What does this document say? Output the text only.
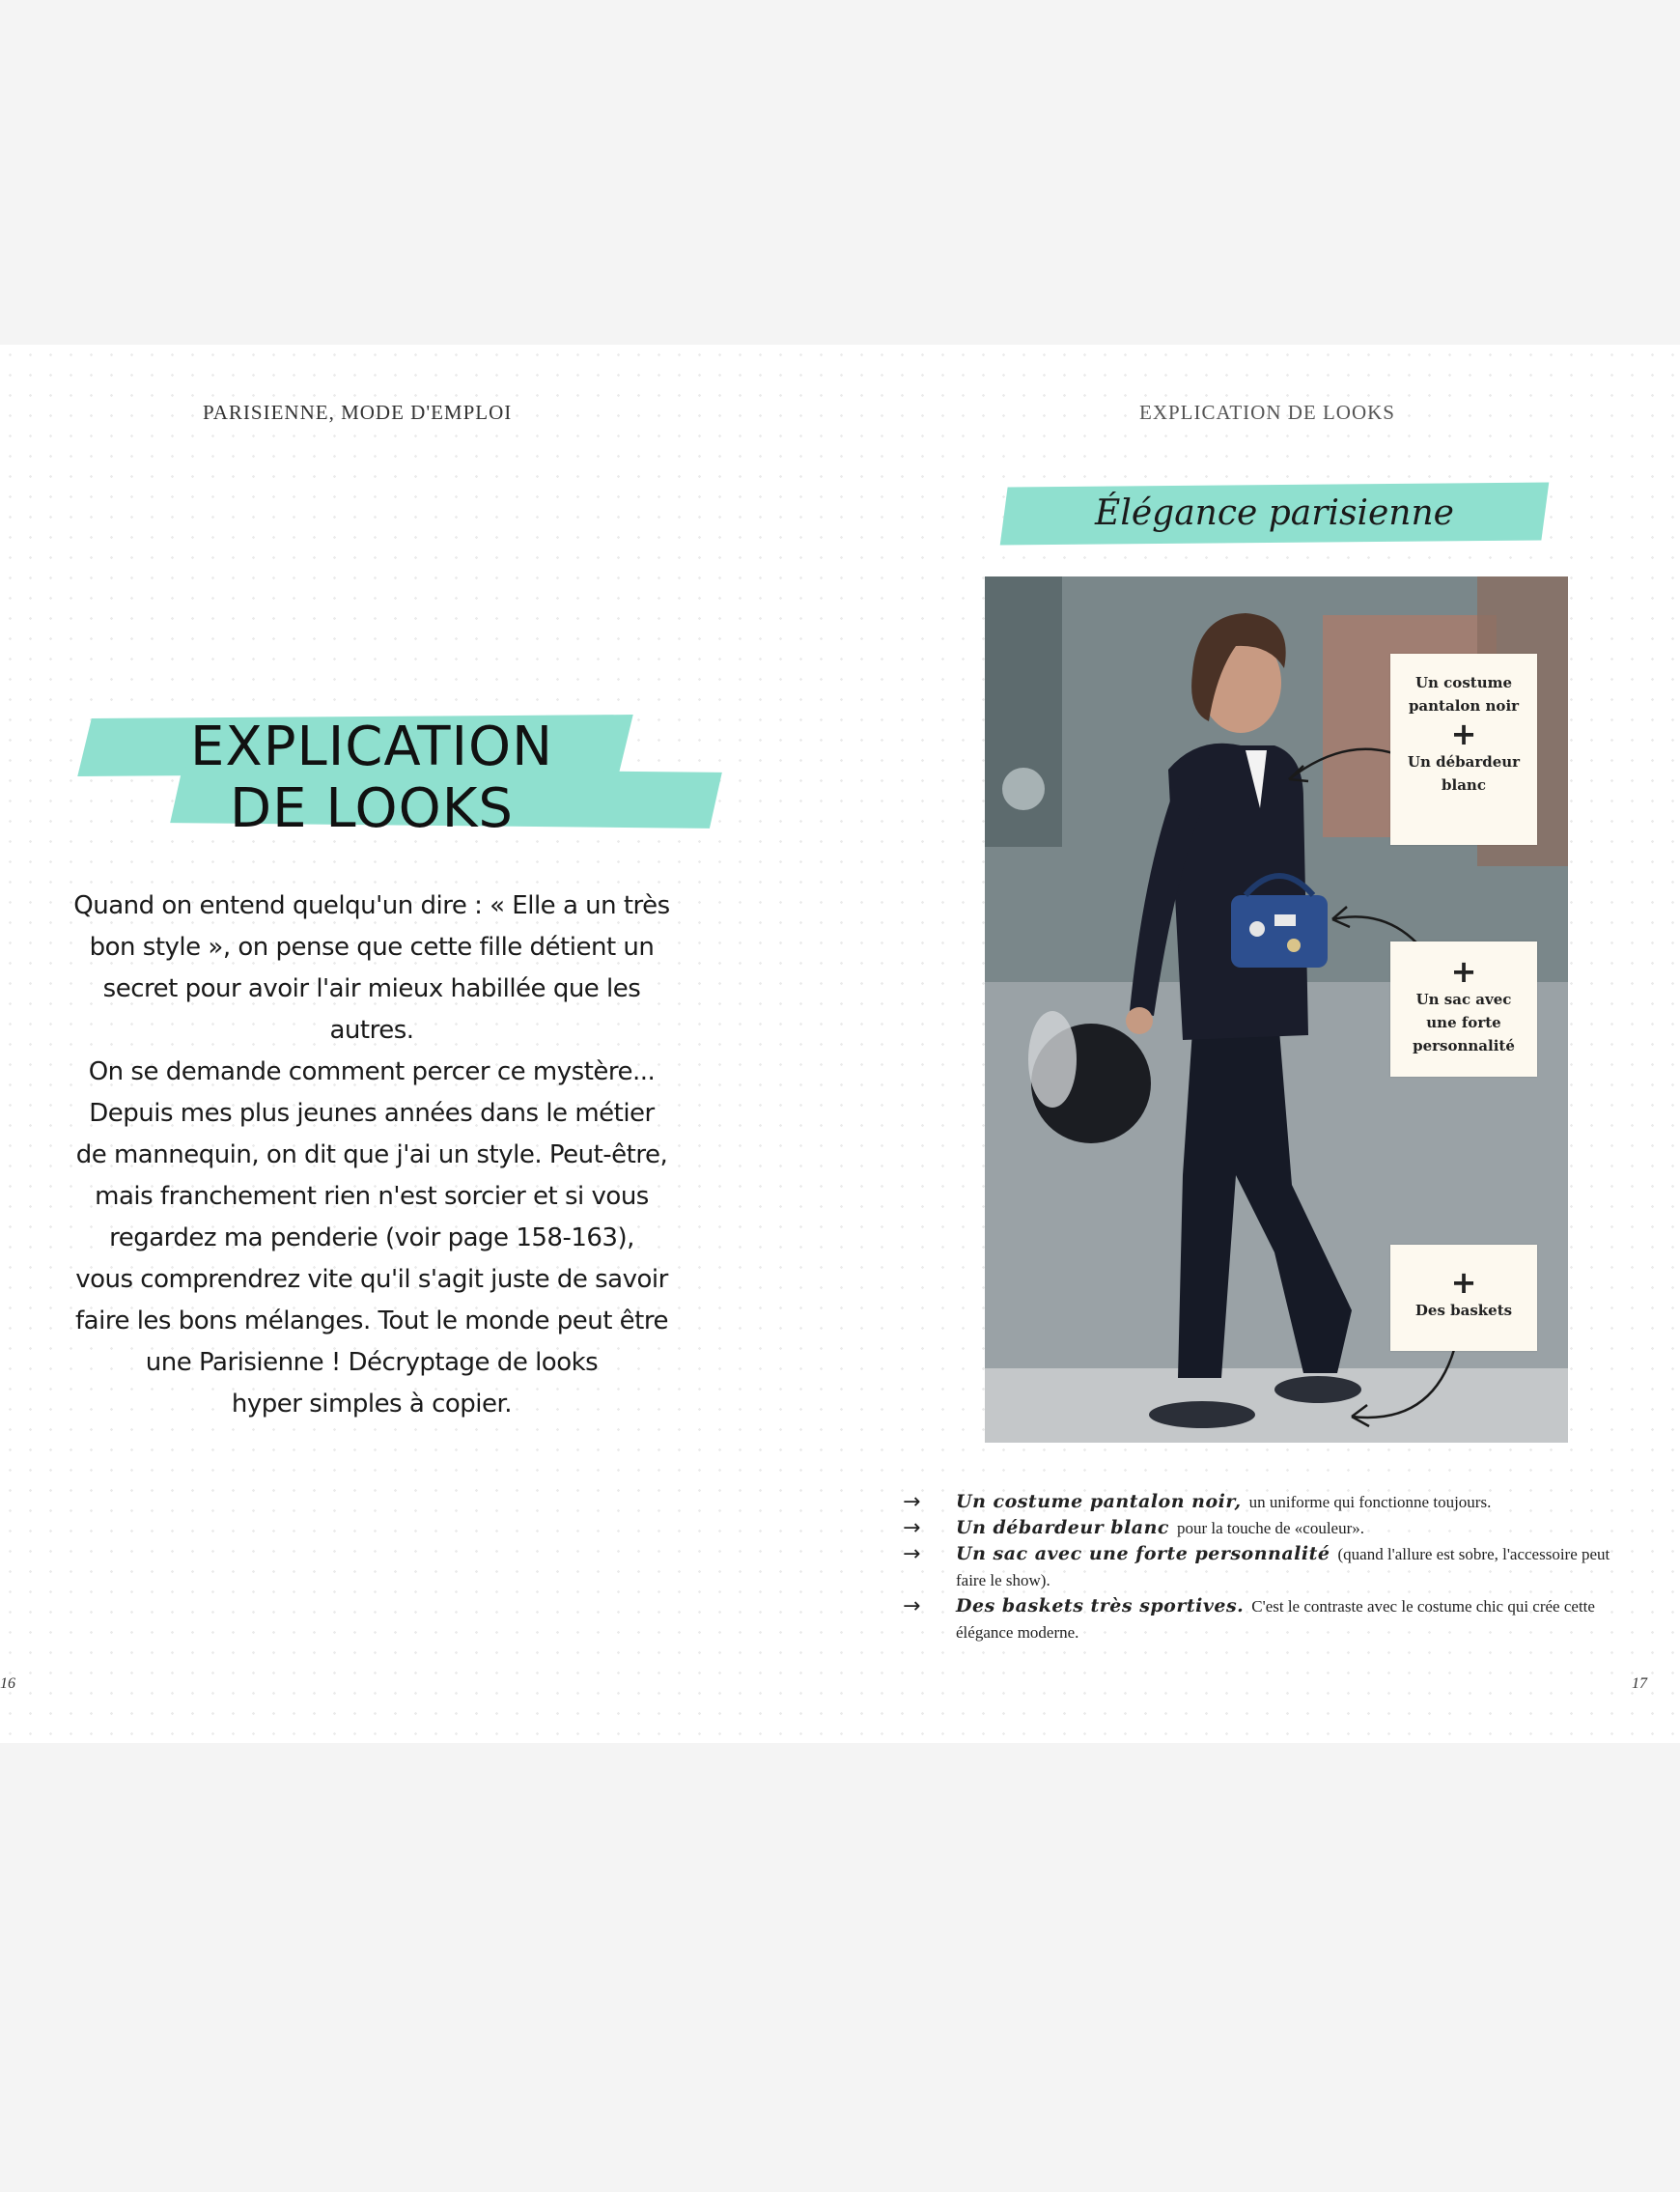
PARISIENNE, MODE D'EMPLOI	EXPLICATION DE LOOKS
EXPLICATION
DE LOOKS

Quand on entend quelqu'un dire : « Elle a un très
bon style », on pense que cette fille détient un
secret pour avoir l'air mieux habillée que les autres.
On se demande comment percer ce mystère...
Depuis mes plus jeunes années dans le métier
de mannequin, on dit que j'ai un style. Peut-être,
mais franchement rien n'est sorcier et si vous
regardez ma penderie (voir page 158-163),
vous comprendrez vite qu'il s'agit juste de savoir
faire les bons mélanges. Tout le monde peut être
une Parisienne ! Décryptage de looks
hyper simples à copier.

Élégance parisienne
Un costume
pantalon noir
+
Un débardeur
blanc
+
Un sac avec
une forte
personnalité
+
Des baskets
→ Un costume pantalon noir, un uniforme qui fonctionne toujours.
→ Un débardeur blanc pour la touche de «couleur».
→ Un sac avec une forte personnalité (quand l'allure est sobre, l'accessoire peut faire le show).
→ Des baskets très sportives. C'est le contraste avec le costume chic qui crée cette élégance moderne.
16	17
